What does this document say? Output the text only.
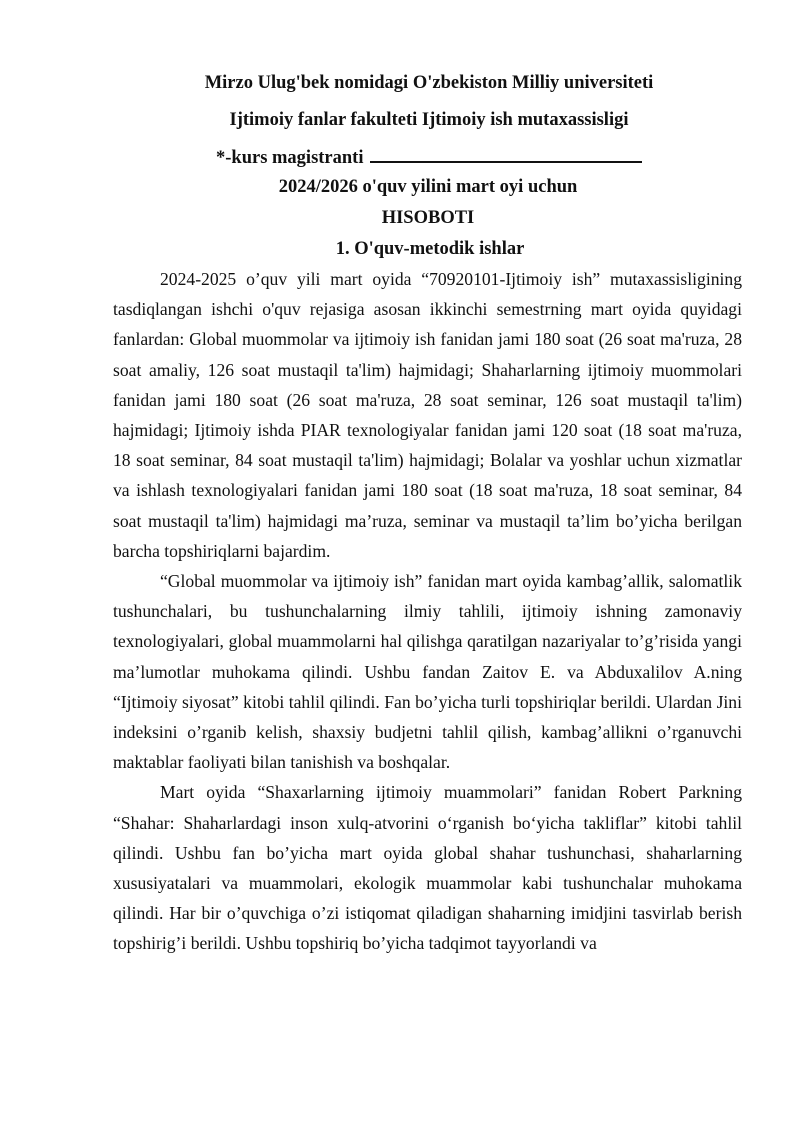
Mirzo Ulug'bek nomidagi O'zbekiston Milliy universiteti
Ijtimoiy fanlar fakulteti Ijtimoiy ish mutaxassisligi
*-kurs magistranti
2024/2026 o'quv yilini mart oyi uchun
HISOBOTI
1. O'quv-metodik ishlar

2024-2025 o’quv yili mart oyida “70920101-Ijtimoiy ish” mutaxassisligining tasdiqlangan ishchi o'quv rejasiga asosan ikkinchi semestrning mart oyida quyidagi fanlardan: Global muommolar va ijtimoiy ish fanidan jami 180 soat (26 soat ma'ruza, 28 soat amaliy, 126 soat mustaqil ta'lim) hajmidagi; Shaharlarning ijtimoiy muommolari fanidan jami 180 soat (26 soat ma'ruza, 28 soat seminar, 126 soat mustaqil ta'lim) hajmidagi; Ijtimoiy ishda PIAR texnologiyalar fanidan jami 120 soat (18 soat ma'ruza, 18 soat seminar, 84 soat mustaqil ta'lim) hajmidagi; Bolalar va yoshlar uchun xizmatlar va ishlash texnologiyalari fanidan jami 180 soat (18 soat ma'ruza, 18 soat seminar, 84 soat mustaqil ta'lim) hajmidagi ma’ruza, seminar va mustaqil ta’lim bo’yicha berilgan barcha topshiriqlarni bajardim.

“Global muommolar va ijtimoiy ish” fanidan mart oyida kambag’allik, salomatlik tushunchalari, bu tushunchalarning ilmiy tahlili, ijtimoiy ishning zamonaviy texnologiyalari, global muammolarni hal qilishga qaratilgan nazariyalar to’g’risida yangi ma’lumotlar muhokama qilindi. Ushbu fandan Zaitov E. va Abduxalilov A.ning “Ijtimoiy siyosat” kitobi tahlil qilindi. Fan bo’yicha turli topshiriqlar berildi. Ulardan Jini indeksini o’rganib kelish, shaxsiy budjetni tahlil qilish, kambag’allikni o’rganuvchi maktablar faoliyati bilan tanishish va boshqalar.

Mart oyida “Shaxarlarning ijtimoiy muammolari” fanidan Robert Parkning “Shahar: Shaharlardagi inson xulq-atvorini o‘rganish bo‘yicha takliflar” kitobi tahlil qilindi. Ushbu fan bo’yicha mart oyida global shahar tushunchasi, shaharlarning xususiyatalari va muammolari, ekologik muammolar kabi tushunchalar muhokama qilindi. Har bir o’quvchiga o’zi istiqomat qiladigan shaharning imidjini tasvirlab berish topshirig’i berildi. Ushbu topshiriq bo’yicha tadqimot tayyorlandi va
